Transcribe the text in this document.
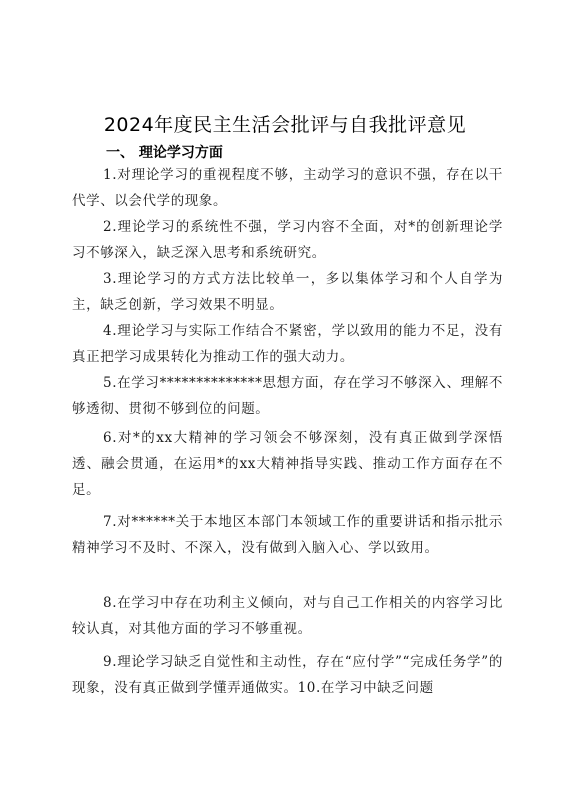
2024年度民主生活会批评与自我批评意见
一、 理论学习方面

1.对理论学习的重视程度不够，主动学习的意识不强，存在以干代学、以会代学的现象。

2.理论学习的系统性不强，学习内容不全面，对*的创新理论学习不够深入，缺乏深入思考和系统研究。

3.理论学习的方式方法比较单一，多以集体学习和个人自学为主，缺乏创新，学习效果不明显。

4.理论学习与实际工作结合不紧密，学以致用的能力不足，没有真正把学习成果转化为推动工作的强大动力。

5.在学习**************思想方面，存在学习不够深入、理解不够透彻、贯彻不够到位的问题。

6.对*的xx大精神的学习领会不够深刻，没有真正做到学深悟透、融会贯通，在运用*的xx大精神指导实践、推动工作方面存在不足。

7.对******关于本地区本部门本领域工作的重要讲话和指示批示精神学习不及时、不深入，没有做到入脑入心、学以致用。

8.在学习中存在功利主义倾向，对与自己工作相关的内容学习比较认真，对其他方面的学习不够重视。

9.理论学习缺乏自觉性和主动性，存在“应付学”“完成任务学”的现象，没有真正做到学懂弄通做实。10.在学习中缺乏问题
